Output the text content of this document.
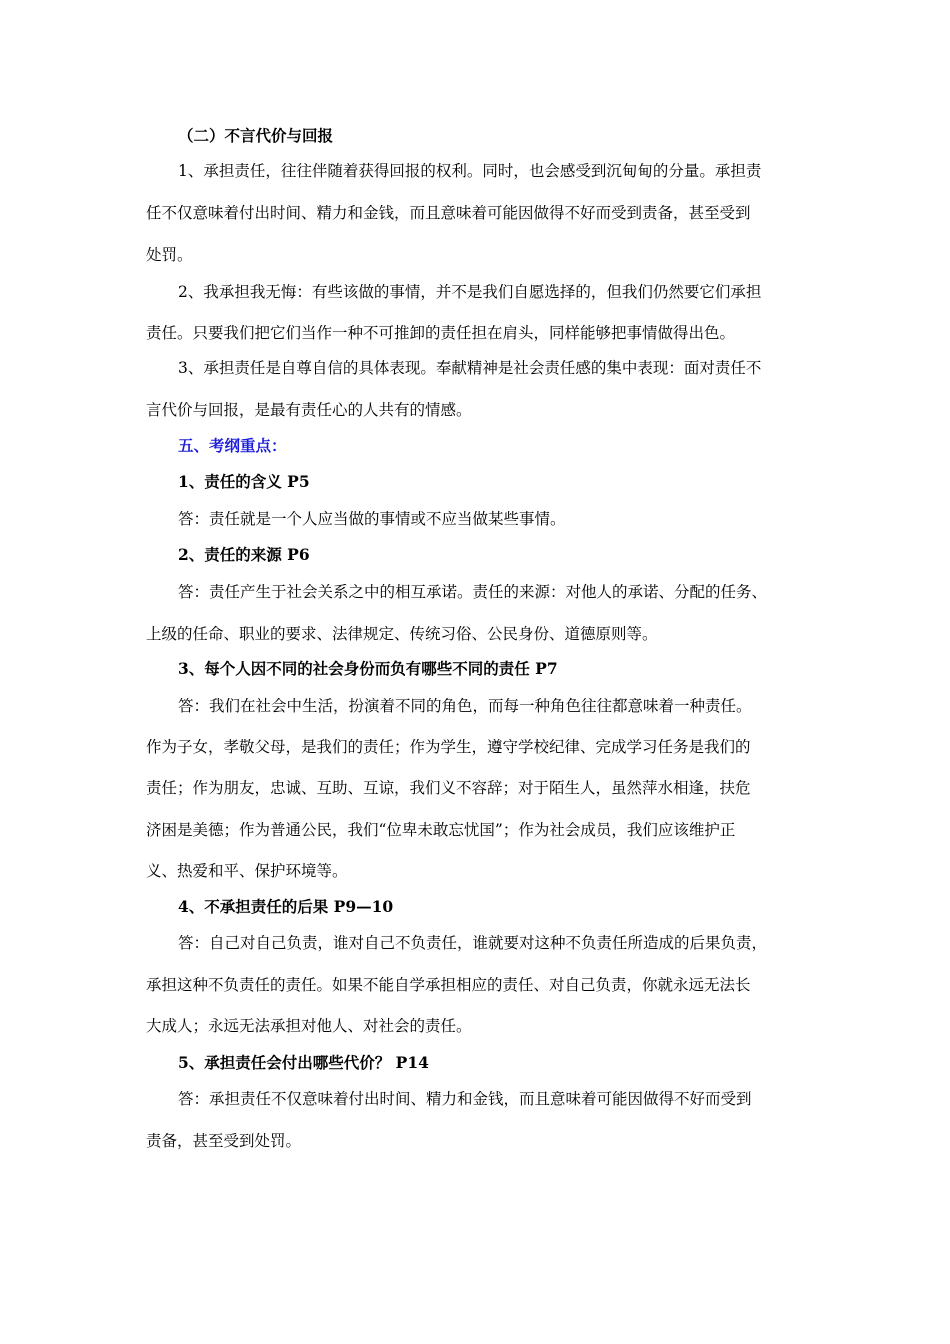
（二）不言代价与回报
1、承担责任，往往伴随着获得回报的权利。同时，也会感受到沉甸甸的分量。承担责
任不仅意味着付出时间、精力和金钱，而且意味着可能因做得不好而受到责备，甚至受到
处罚。
2、我承担我无悔：有些该做的事情，并不是我们自愿选择的，但我们仍然要它们承担
责任。只要我们把它们当作一种不可推卸的责任担在肩头，同样能够把事情做得出色。
3、承担责任是自尊自信的具体表现。奉献精神是社会责任感的集中表现：面对责任不
言代价与回报，是最有责任心的人共有的情感。
五、考纲重点：
1、责任的含义 P5
答：责任就是一个人应当做的事情或不应当做某些事情。
2、责任的来源 P6
答：责任产生于社会关系之中的相互承诺。责任的来源：对他人的承诺、分配的任务、
上级的任命、职业的要求、法律规定、传统习俗、公民身份、道德原则等。
3、每个人因不同的社会身份而负有哪些不同的责任 P7
答：我们在社会中生活，扮演着不同的角色，而每一种角色往往都意味着一种责任。
作为子女，孝敬父母，是我们的责任；作为学生，遵守学校纪律、完成学习任务是我们的
责任；作为朋友，忠诚、互助、互谅，我们义不容辞；对于陌生人，虽然萍水相逢，扶危
济困是美德；作为普通公民，我们“位卑未敢忘忧国”；作为社会成员，我们应该维护正
义、热爱和平、保护环境等。
4、不承担责任的后果 P9—10
答：自己对自己负责，谁对自己不负责任，谁就要对这种不负责任所造成的后果负责，
承担这种不负责任的责任。如果不能自学承担相应的责任、对自己负责，你就永远无法长
大成人；永远无法承担对他人、对社会的责任。
5、承担责任会付出哪些代价？ P14
答：承担责任不仅意味着付出时间、精力和金钱，而且意味着可能因做得不好而受到
责备，甚至受到处罚。
